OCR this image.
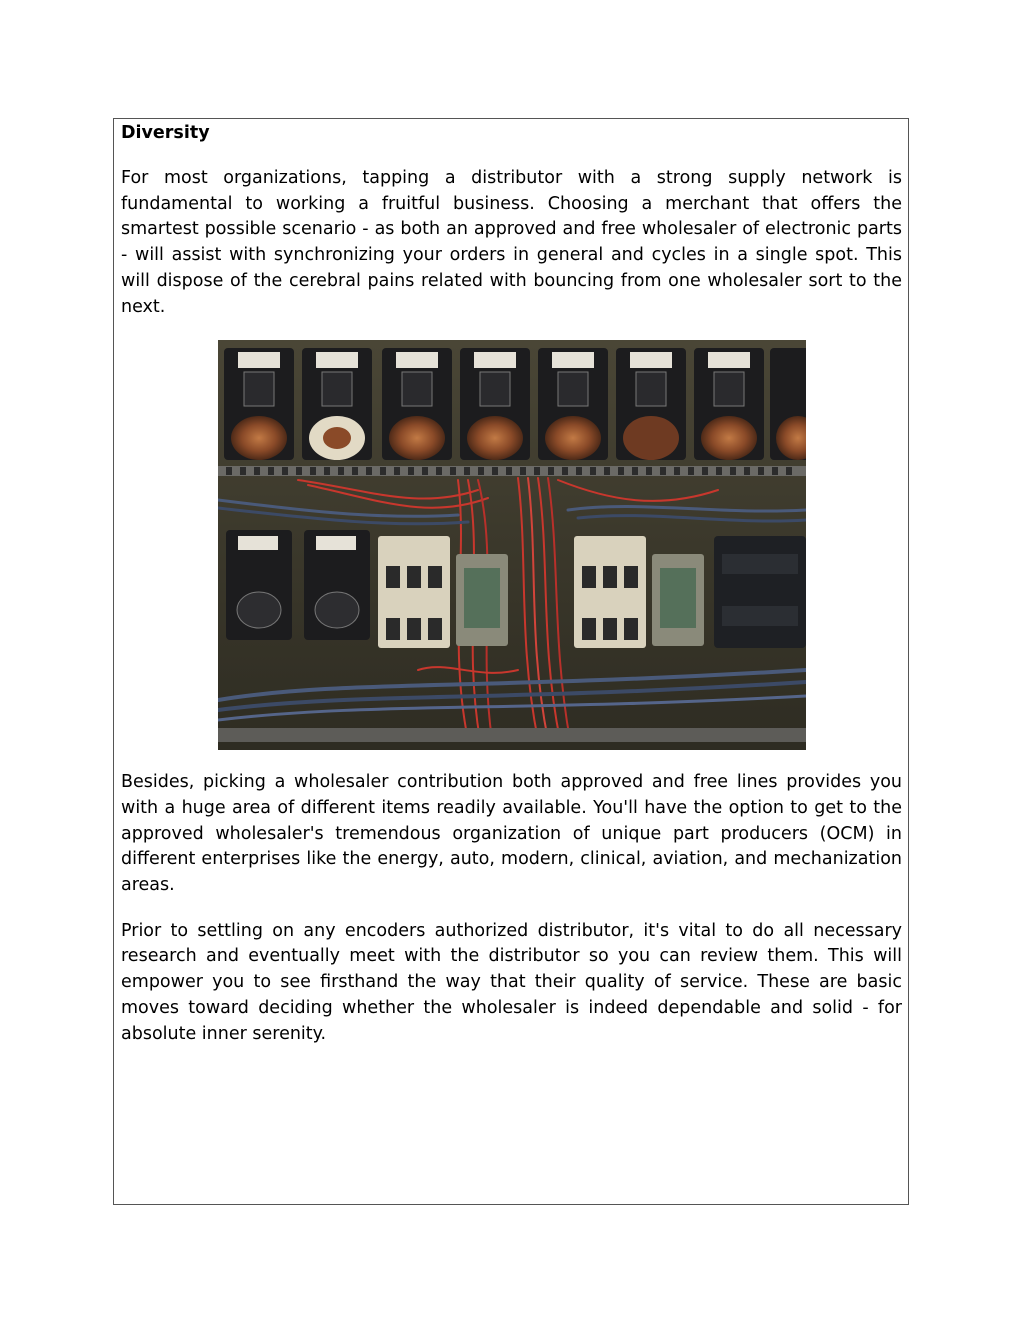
Diversity

For most organizations, tapping a distributor with a strong supply network is fundamental to working a fruitful business. Choosing a merchant that offers the smartest possible scenario - as both an approved and free wholesaler of electronic parts - will assist with synchronizing your orders in general and cycles in a single spot. This will dispose of the cerebral pains related with bouncing from one wholesaler sort to the next.

Besides, picking a wholesaler contribution both approved and free lines provides you with a huge area of different items readily available. You'll have the option to get to the approved wholesaler's tremendous organization of unique part producers (OCM) in different enterprises like the energy, auto, modern, clinical, aviation, and mechanization areas.

Prior to settling on any encoders authorized distributor, it's vital to do all necessary research and eventually meet with the distributor so you can review them. This will empower you to see firsthand the way that their quality of service. These are basic moves toward deciding whether the wholesaler is indeed dependable and solid - for absolute inner serenity.
